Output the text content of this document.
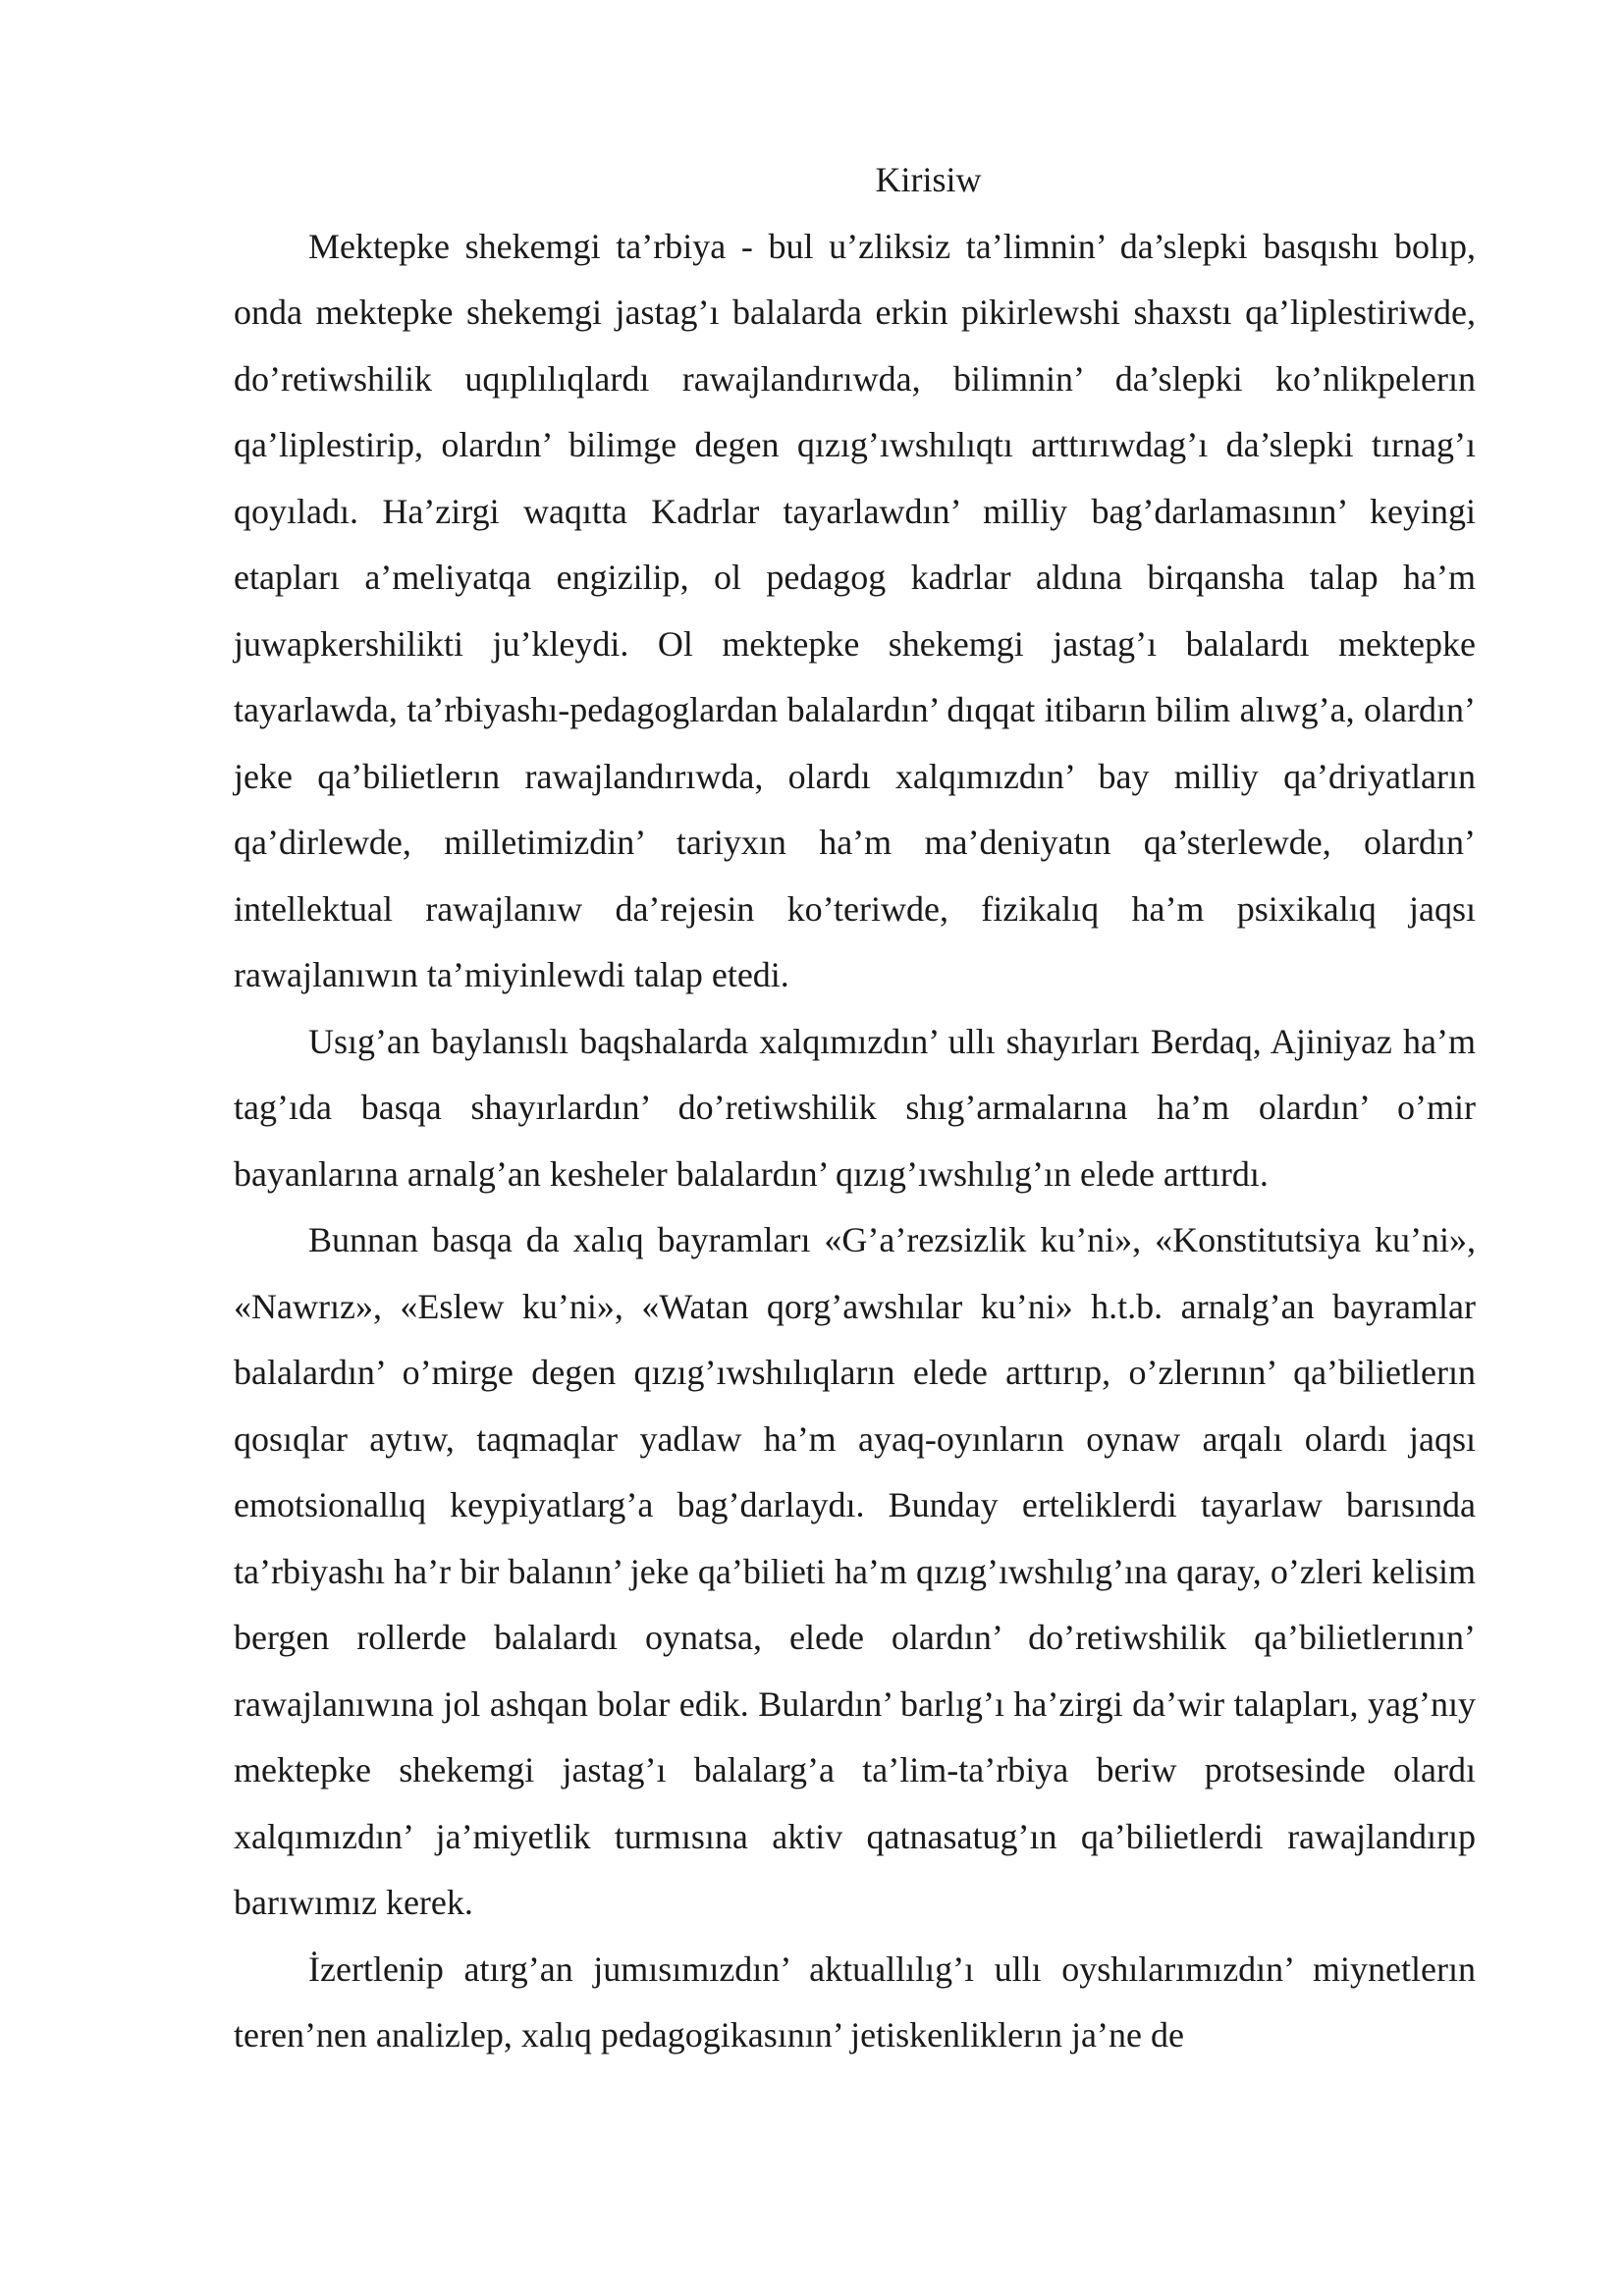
Kirisiw

Mektepke shekemgi ta’rbiya - bul u’zliksiz ta’limnin’ da’slepki basqıshı bolıp, onda mektepke shekemgi jastag’ı balalarda erkin pikirlewshi shaxstı qa’liplestiriwde, do’retiwshilik uqıplılıqlardı rawajlandırıwda, bilimnin’ da’slepki ko’nlikpelerın qa’liplestirip, olardın’ bilimge degen qızıg’ıwshılıqtı arttırıwdag’ı da’slepki tırnag’ı qoyıladı. Ha’zirgi waqıtta Kadrlar tayarlawdın’ milliy bag’darlamasının’ keyingi etapları a’meliyatqa engizilip, ol pedagog kadrlar aldına birqansha talap ha’m juwapkershilikti ju’kleydi. Ol mektepke shekemgi jastag’ı balalardı mektepke tayarlawda, ta’rbiyashı-pedagoglardan balalardın’ dıqqat itibarın bilim alıwg’a, olardın’ jeke qa’bilietlerın rawajlandırıwda, olardı xalqımızdın’ bay milliy qa’driyatların qa’dirlewde, milletimizdin’ tariyxın ha’m ma’deniyatın qa’sterlewde, olardın’ intellektual rawajlanıw da’rejesin ko’teriwde, fizikalıq ha’m psixikalıq jaqsı rawajlanıwın ta’miyinlewdi talap etedi.

Usıg’an baylanıslı baqshalarda xalqımızdın’ ullı shayırları Berdaq, Ajiniyaz ha’m tag’ıda basqa shayırlardın’ do’retiwshilik shıg’armalarına ha’m olardın’ o’mir bayanlarına arnalg’an kesheler balalardın’ qızıg’ıwshılıg’ın elede arttırdı.

Bunnan basqa da xalıq bayramları «G’a’rezsizlik ku’ni», «Konstitutsiya ku’ni», «Nawrız», «Eslew ku’ni», «Watan qorg’awshılar ku’ni» h.t.b. arnalg’an bayramlar balalardın’ o’mirge degen qızıg’ıwshılıqların elede arttırıp, o’zlerının’ qa’bilietlerın qosıqlar aytıw, taqmaqlar yadlaw ha’m ayaq-oyınların oynaw arqalı olardı jaqsı emotsionallıq keypiyatlarg’a bag’darlaydı. Bunday erteliklerdi tayarlaw barısında ta’rbiyashı ha’r bir balanın’ jeke qa’bilieti ha’m qızıg’ıwshılıg’ına qaray, o’zleri kelisim bergen rollerde balalardı oynatsa, elede olardın’ do’retiwshilik qa’bilietlerının’ rawajlanıwına jol ashqan bolar edik. Bulardın’ barlıg’ı ha’zirgi da’wir talapları, yag’nıy mektepke shekemgi jastag’ı balalarg’a ta’lim-ta’rbiya beriw protsesinde olardı xalqımızdın’ ja’miyetlik turmısına aktiv qatnasatug’ın qa’bilietlerdi rawajlandırıp barıwımız kerek.

İzertlenip atırg’an jumısımızdın’ aktuallılıg’ı ullı oyshılarımızdın’ miynetlerın teren’nen analizlep, xalıq pedagogikasının’ jetiskenliklerın ja’ne de
